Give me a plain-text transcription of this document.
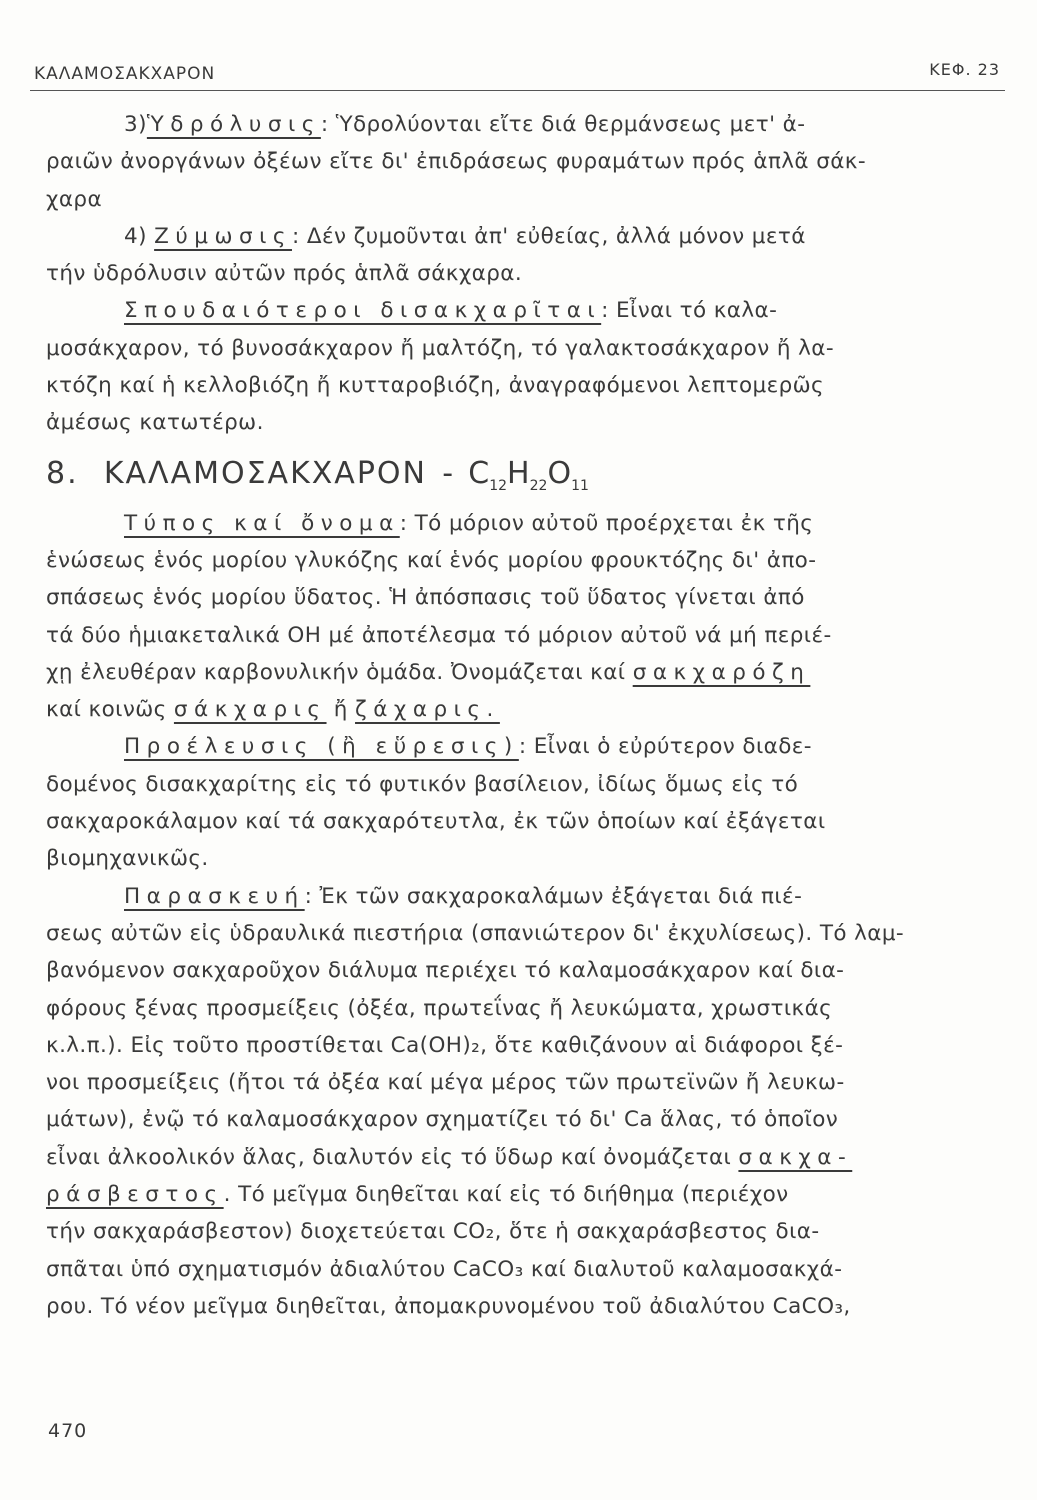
ΚΑΛΑΜΟΣΑΚΧΑΡΟΝ	ΚΕΦ. 23
3)Ὑδρόλυσις: Ὑδρολύονται εἴτε διά θερμάνσεως μετ' ἀ-
ραιῶν ἀνοργάνων ὀξέων εἴτε δι' ἐπιδράσεως φυραμάτων πρός ἁπλᾶ σάκ-
χαρα
4) Ζύμωσις: Δέν ζυμοῦνται ἀπ' εὐθείας, ἀλλά μόνον μετά
τήν ὑδρόλυσιν αὐτῶν πρός ἁπλᾶ σάκχαρα.
Σπουδαιότεροι δισακχαρῖται: Εἶναι τό καλα-
μοσάκχαρον, τό βυνοσάκχαρον ἤ μαλτόζη, τό γαλακτοσάκχαρον ἤ λα-
κτόζη καί ἡ κελλοβιόζη ἤ κυτταροβιόζη, ἀναγραφόμενοι λεπτομερῶς
ἀμέσως κατωτέρω.
8. ΚΑΛΑΜΟΣΑΚΧΑΡΟΝ - $C_{12}H_{22}O_{11}$
Τύπος καί ὄνομα: Τό μόριον αὐτοῦ προέρχεται ἐκ τῆς
ἑνώσεως ἑνός μορίου γλυκόζης καί ἑνός μορίου φρουκτόζης δι' ἀπο-
σπάσεως ἑνός μορίου ὕδατος. Ἡ ἀπόσπασις τοῦ ὕδατος γίνεται ἀπό
τά δύο ἡμιακεταλικά OH μέ ἀποτέλεσμα τό μόριον αὐτοῦ νά μή περιέ-
χῃ ἐλευθέραν καρβονυλικήν ὁμάδα. Ὀνομάζεται καί σακχαρόζη
καί κοινῶς σάκχαρις ἤ ζάχαρις.
Προέλευσις (ἢ εὕρεσις): Εἶναι ὁ εὐρύτερον διαδε-
δομένος δισακχαρίτης εἰς τό φυτικόν βασίλειον, ἰδίως ὅμως εἰς τό
σακχαροκάλαμον καί τά σακχαρότευτλα, ἐκ τῶν ὁποίων καί ἐξάγεται
βιομηχανικῶς.
Παρασκευή: Ἐκ τῶν σακχαροκαλάμων ἐξάγεται διά πιέ-
σεως αὐτῶν εἰς ὑδραυλικά πιεστήρια (σπανιώτερον δι' ἐκχυλίσεως). Τό λαμ-
βανόμενον σακχαροῦχον διάλυμα περιέχει τό καλαμοσάκχαρον καί δια-
φόρους ξένας προσμείξεις (ὀξέα, πρωτεΐνας ἤ λευκώματα, χρωστικάς
κ.λ.π.). Εἰς τοῦτο προστίθεται Ca(OH)₂, ὅτε καθιζάνουν αἱ διάφοροι ξέ-
νοι προσμείξεις (ἤτοι τά ὀξέα καί μέγα μέρος τῶν πρωτεϊνῶν ἤ λευκω-
μάτων), ἐνῷ τό καλαμοσάκχαρον σχηματίζει τό δι' Ca ἅλας, τό ὁποῖον
εἶναι ἀλκοολικόν ἅλας, διαλυτόν εἰς τό ὕδωρ καί ὀνομάζεται σακχα-
ράσβεστος. Τό μεῖγμα διηθεῖται καί εἰς τό διήθημα (περιέχον
τήν σακχαράσβεστον) διοχετεύεται CO₂, ὅτε ἡ σακχαράσβεστος δια-
σπᾶται ὑπό σχηματισμόν ἀδιαλύτου CaCO₃ καί διαλυτοῦ καλαμοσακχά-
ρου. Τό νέον μεῖγμα διηθεῖται, ἀπομακρυνομένου τοῦ ἀδιαλύτου CaCO₃,
470
